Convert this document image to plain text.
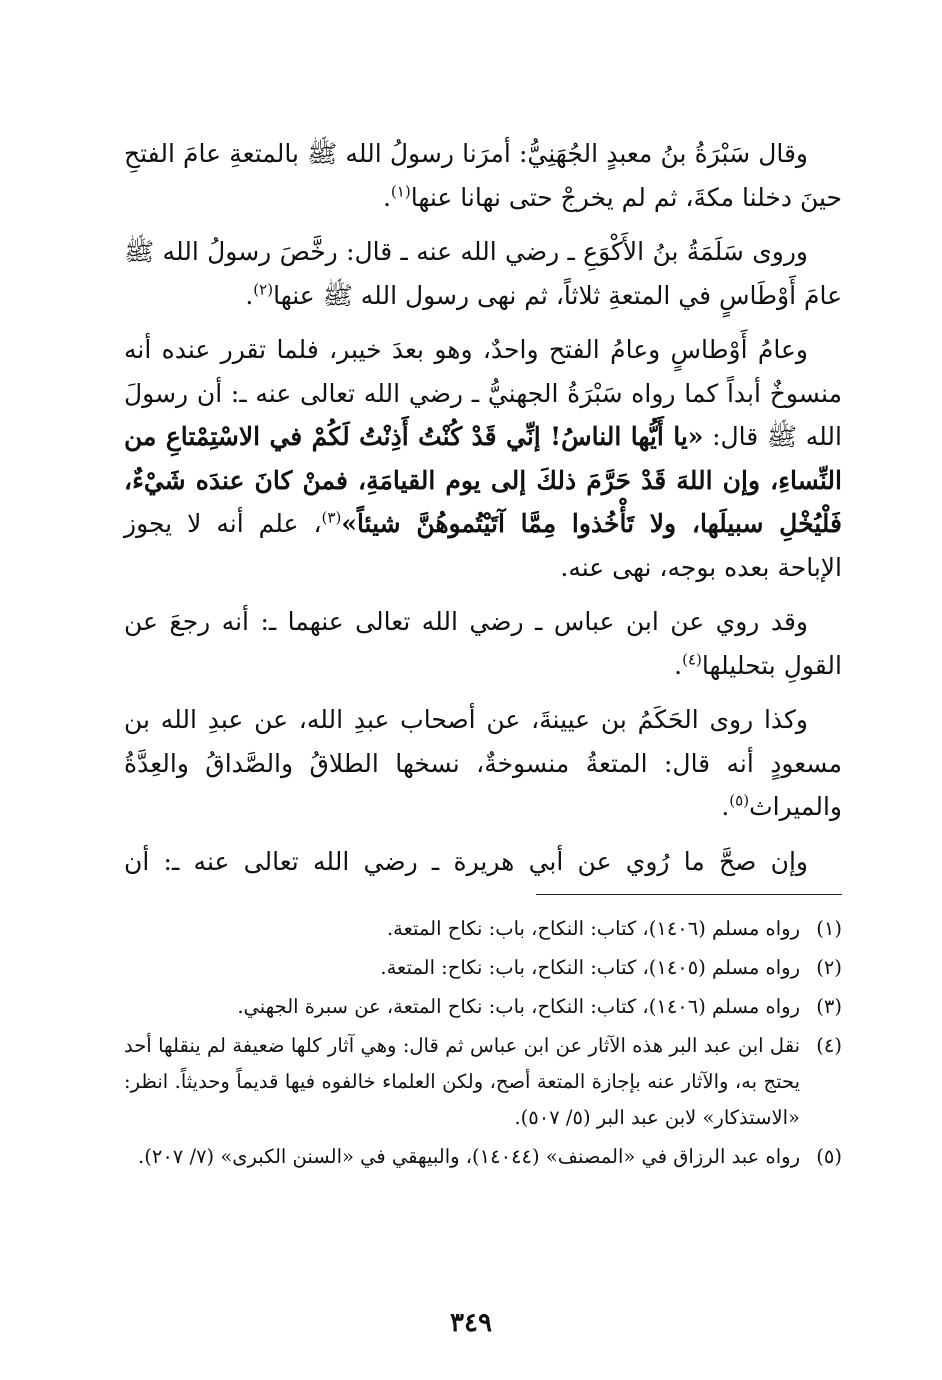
وقال سَبْرَةُ بنُ معبدٍ الجُهَنِيُّ: أمرَنا رسولُ الله ﷺ بالمتعةِ عامَ الفتحِ حينَ دخلنا مكةَ، ثم لم يخرجْ حتى نهانا عنها$^{(١)}$.

وروى سَلَمَةُ بنُ الأَكْوَعِ ـ رضي الله عنه ـ قال: رخَّصَ رسولُ الله ﷺ عامَ أَوْطَاسٍ في المتعةِ ثلاثاً، ثم نهى رسول الله ﷺ عنها$^{(٢)}$.

وعامُ أَوْطاسٍ وعامُ الفتح واحدٌ، وهو بعدَ خيبر، فلما تقرر عنده أنه منسوخٌ أبداً كما رواه سَبْرَةُ الجهنيُّ ـ رضي الله تعالى عنه ـ: أن رسولَ الله ﷺ قال: «يا أَيُّها الناسُ! إنِّي قَدْ كُنْتُ أَذِنْتُ لَكُمْ في الاسْتِمْتاعِ من النِّساءِ، وإن اللهَ قَدْ حَرَّمَ ذلكَ إلى يوم القيامَةِ، فمنْ كانَ عندَه شَيْءٌ، فَلْيُخْلِ سبيلَها، ولا تَأْخُذوا مِمَّا آتَيْتُموهُنَّ شيئاً»$^{(٣)}$، علم أنه لا يجوز الإباحة بعده بوجه، نهى عنه.

وقد روي عن ابن عباس ـ رضي الله تعالى عنهما ـ: أنه رجعَ عن القولِ بتحليلها$^{(٤)}$.

وكذا روى الحَكَمُ بن عيينةَ، عن أصحاب عبدِ الله، عن عبدِ الله بن مسعودٍ أنه قال: المتعةُ منسوخةٌ، نسخها الطلاقُ والصَّداقُ والعِدَّةُ والميراث$^{(٥)}$.

وإن صحَّ ما رُوي عن أبي هريرة ـ رضي الله تعالى عنه ـ: أن

(١)
رواه مسلم (١٤٠٦)، كتاب: النكاح، باب: نكاح المتعة.
(٢)
رواه مسلم (١٤٠٥)، كتاب: النكاح، باب: نكاح: المتعة.
(٣)
رواه مسلم (١٤٠٦)، كتاب: النكاح، باب: نكاح المتعة، عن سبرة الجهني.
(٤)
نقل ابن عبد البر هذه الآثار عن ابن عباس ثم قال: وهي آثار كلها ضعيفة لم ينقلها أحد يحتج به، والآثار عنه بإجازة المتعة أصح، ولكن العلماء خالفوه فيها قديماً وحديثاً. انظر: «الاستذكار» لابن عبد البر (٥/ ٥٠٧).
(٥)
رواه عبد الرزاق في «المصنف» (١٤٠٤٤)، والبيهقي في «السنن الكبرى» (٧/ ٢٠٧).
٣٤٩
